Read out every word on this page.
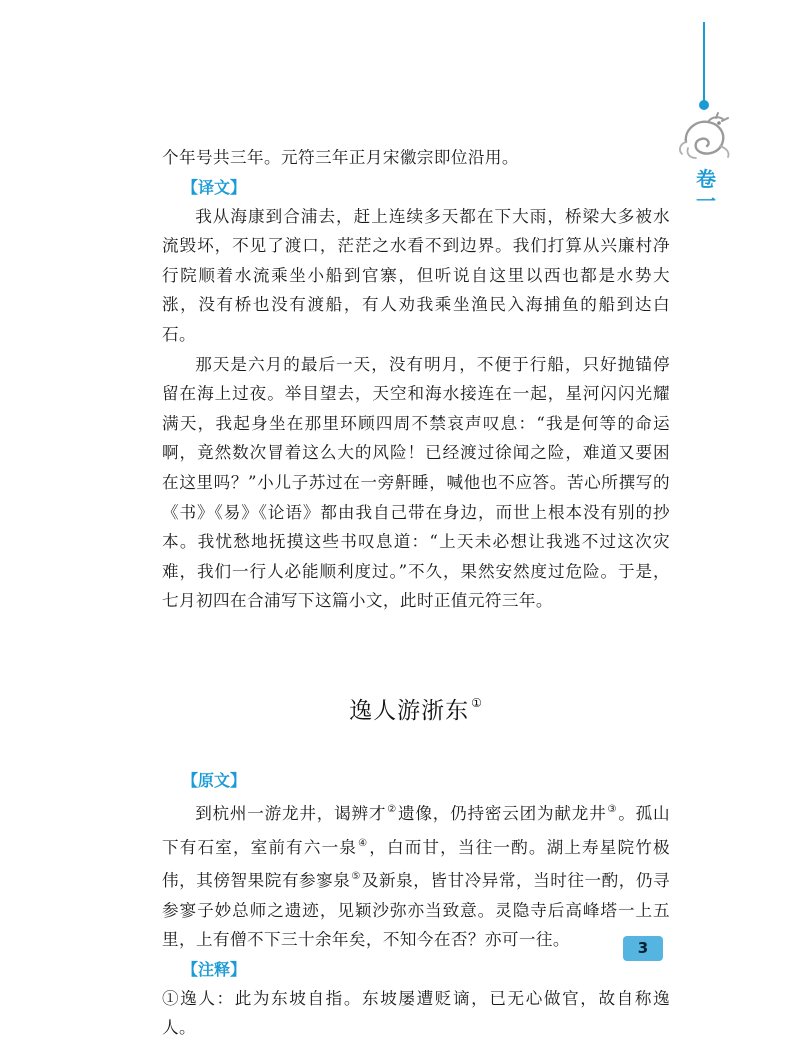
卷
一

个年号共三年。元符三年正月宋徽宗即位沿用。

【译文】

我从海康到合浦去，赶上连续多天都在下大雨，桥梁大多被水流毁坏，不见了渡口，茫茫之水看不到边界。我们打算从兴廉村净行院顺着水流乘坐小船到官寨，但听说自这里以西也都是水势大涨，没有桥也没有渡船，有人劝我乘坐渔民入海捕鱼的船到达白石。

那天是六月的最后一天，没有明月，不便于行船，只好抛锚停留在海上过夜。举目望去，天空和海水接连在一起，星河闪闪光耀满天，我起身坐在那里环顾四周不禁哀声叹息：“我是何等的命运啊，竟然数次冒着这么大的风险！已经渡过徐闻之险，难道又要困在这里吗？”小儿子苏过在一旁鼾睡，喊他也不应答。苦心所撰写的《书》《易》《论语》都由我自己带在身边，而世上根本没有别的抄本。我忧愁地抚摸这些书叹息道：“上天未必想让我逃不过这次灾难，我们一行人必能顺利度过。”不久，果然安然度过危险。于是，七月初四在合浦写下这篇小文，此时正值元符三年。

逸人游浙东 ①

【原文】

到杭州一游龙井，谒辨才②遗像，仍持密云团为献龙井③。孤山下有石室，室前有六一泉④，白而甘，当往一酌。湖上寿星院竹极伟，其傍智果院有参寥泉⑤及新泉，皆甘冷异常，当时往一酌，仍寻参寥子妙总师之遗迹，见颖沙弥亦当致意。灵隐寺后高峰塔一上五里，上有僧不下三十余年矣，不知今在否？亦可一往。

【注释】

①逸人：此为东坡自指。东坡屡遭贬谪，已无心做官，故自称逸人。

3
